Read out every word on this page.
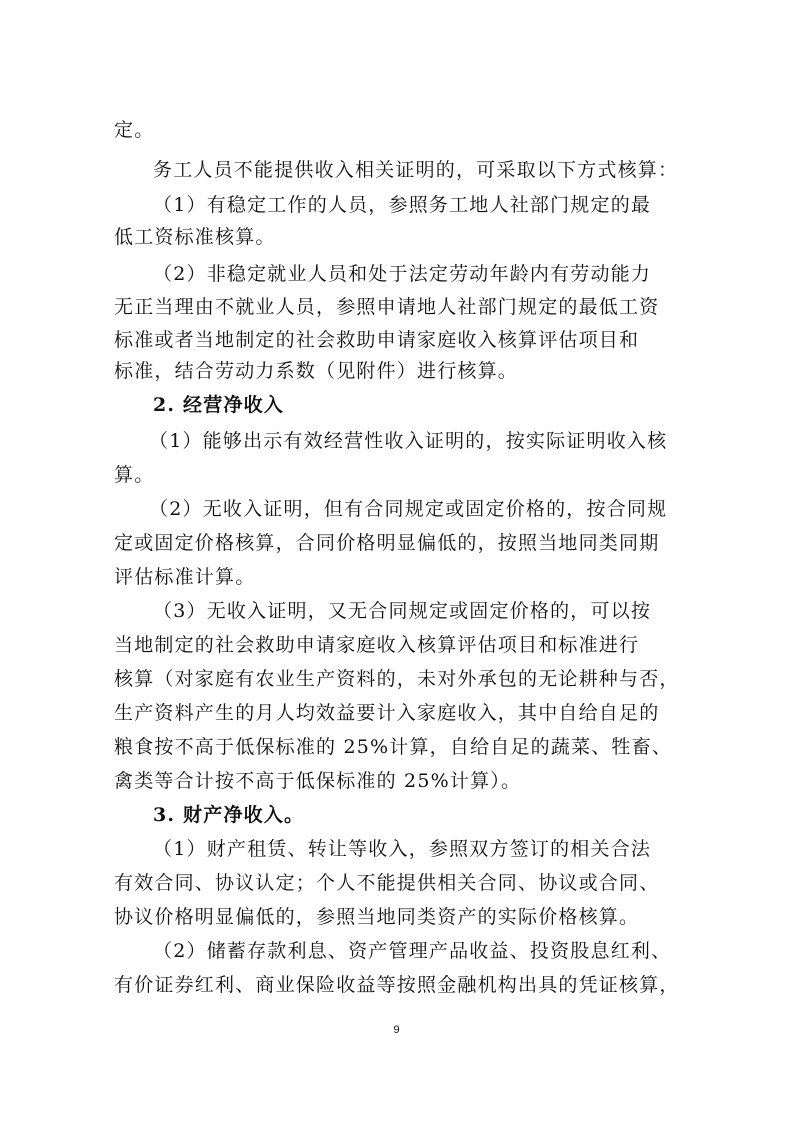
定。
务工人员不能提供收入相关证明的，可采取以下方式核算：
（1）有稳定工作的人员，参照务工地人社部门规定的最
低工资标准核算。
（2）非稳定就业人员和处于法定劳动年龄内有劳动能力
无正当理由不就业人员，参照申请地人社部门规定的最低工资
标准或者当地制定的社会救助申请家庭收入核算评估项目和
标准，结合劳动力系数（见附件）进行核算。
2. 经营净收入
（1）能够出示有效经营性收入证明的，按实际证明收入核
算。
（2）无收入证明，但有合同规定或固定价格的，按合同规
定或固定价格核算，合同价格明显偏低的，按照当地同类同期
评估标准计算。
（3）无收入证明，又无合同规定或固定价格的，可以按
当地制定的社会救助申请家庭收入核算评估项目和标准进行
核算（对家庭有农业生产资料的，未对外承包的无论耕种与否，
生产资料产生的月人均效益要计入家庭收入，其中自给自足的
粮食按不高于低保标准的 25%计算，自给自足的蔬菜、牲畜、
禽类等合计按不高于低保标准的 25%计算）。
3. 财产净收入。
（1）财产租赁、转让等收入，参照双方签订的相关合法
有效合同、协议认定；个人不能提供相关合同、协议或合同、
协议价格明显偏低的，参照当地同类资产的实际价格核算。
（2）储蓄存款利息、资产管理产品收益、投资股息红利、
有价证券红利、商业保险收益等按照金融机构出具的凭证核算，
9
